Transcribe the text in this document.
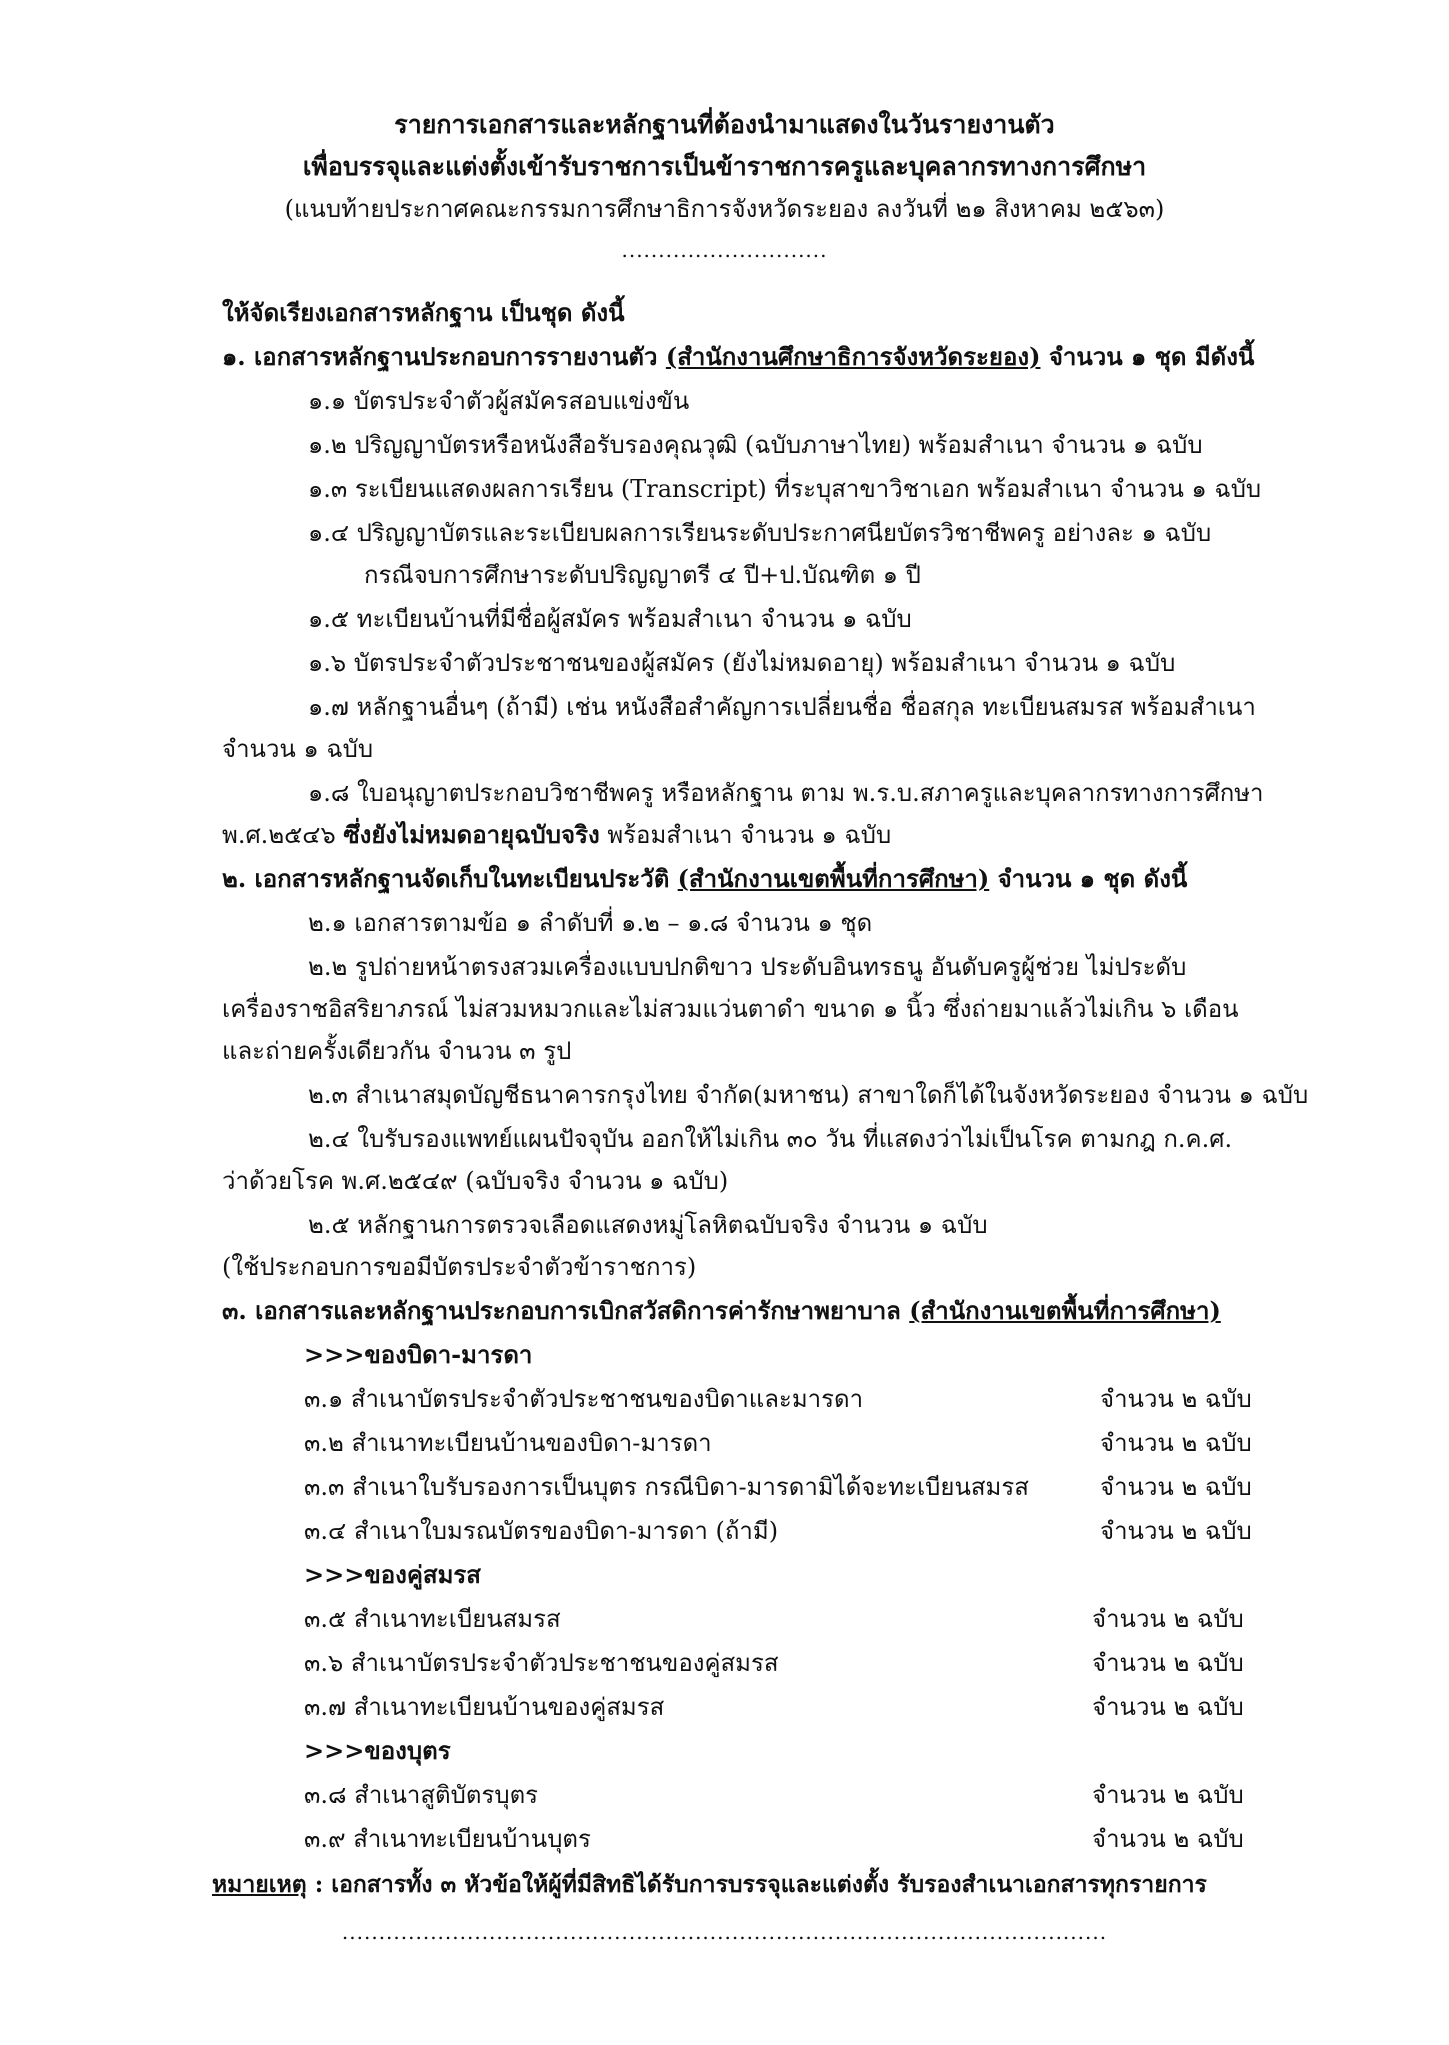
รายการเอกสารและหลักฐานที่ต้องนำมาแสดงในวันรายงานตัว
เพื่อบรรจุและแต่งตั้งเข้ารับราชการเป็นข้าราชการครูและบุคลากรทางการศึกษา
(แนบท้ายประกาศคณะกรรมการศึกษาธิการจังหวัดระยอง ลงวันที่ ๒๑ สิงหาคม ๒๕๖๓)
............................
ให้จัดเรียงเอกสารหลักฐาน เป็นชุด ดังนี้
๑. เอกสารหลักฐานประกอบการรายงานตัว (สำนักงานศึกษาธิการจังหวัดระยอง) จำนวน ๑ ชุด มีดังนี้
๑.๑ บัตรประจำตัวผู้สมัครสอบแข่งขัน
๑.๒ ปริญญาบัตรหรือหนังสือรับรองคุณวุฒิ (ฉบับภาษาไทย) พร้อมสำเนา จำนวน ๑ ฉบับ
๑.๓ ระเบียนแสดงผลการเรียน (Transcript) ที่ระบุสาขาวิชาเอก พร้อมสำเนา จำนวน ๑ ฉบับ
๑.๔ ปริญญาบัตรและระเบียบผลการเรียนระดับประกาศนียบัตรวิชาชีพครู อย่างละ ๑ ฉบับ
กรณีจบการศึกษาระดับปริญญาตรี ๔ ปี+ป.บัณฑิต ๑ ปี
๑.๕ ทะเบียนบ้านที่มีชื่อผู้สมัคร พร้อมสำเนา จำนวน ๑ ฉบับ
๑.๖ บัตรประจำตัวประชาชนของผู้สมัคร (ยังไม่หมดอายุ) พร้อมสำเนา จำนวน ๑ ฉบับ
๑.๗ หลักฐานอื่นๆ (ถ้ามี) เช่น หนังสือสำคัญการเปลี่ยนชื่อ ชื่อสกุล ทะเบียนสมรส พร้อมสำเนา
จำนวน ๑ ฉบับ
๑.๘ ใบอนุญาตประกอบวิชาชีพครู หรือหลักฐาน ตาม พ.ร.บ.สภาครูและบุคลากรทางการศึกษา
พ.ศ.๒๕๔๖ ซึ่งยังไม่หมดอายุฉบับจริง พร้อมสำเนา จำนวน ๑ ฉบับ
๒. เอกสารหลักฐานจัดเก็บในทะเบียนประวัติ (สำนักงานเขตพื้นที่การศึกษา) จำนวน ๑ ชุด ดังนี้
๒.๑ เอกสารตามข้อ ๑ ลำดับที่ ๑.๒ – ๑.๘ จำนวน ๑ ชุด
๒.๒ รูปถ่ายหน้าตรงสวมเครื่องแบบปกติขาว ประดับอินทรธนู อันดับครูผู้ช่วย ไม่ประดับ
เครื่องราชอิสริยาภรณ์ ไม่สวมหมวกและไม่สวมแว่นตาดำ ขนาด ๑ นิ้ว ซึ่งถ่ายมาแล้วไม่เกิน ๖ เดือน
และถ่ายครั้งเดียวกัน จำนวน ๓ รูป
๒.๓ สำเนาสมุดบัญชีธนาคารกรุงไทย จำกัด(มหาชน) สาขาใดก็ได้ในจังหวัดระยอง จำนวน ๑ ฉบับ
๒.๔ ใบรับรองแพทย์แผนปัจจุบัน ออกให้ไม่เกิน ๓๐ วัน ที่แสดงว่าไม่เป็นโรค ตามกฎ ก.ค.ศ.
ว่าด้วยโรค พ.ศ.๒๕๔๙ (ฉบับจริง จำนวน ๑ ฉบับ)
๒.๕ หลักฐานการตรวจเลือดแสดงหมู่โลหิตฉบับจริง จำนวน ๑ ฉบับ
(ใช้ประกอบการขอมีบัตรประจำตัวข้าราชการ)
๓. เอกสารและหลักฐานประกอบการเบิกสวัสดิการค่ารักษาพยาบาล (สำนักงานเขตพื้นที่การศึกษา)
>>>ของบิดา-มารดา
๓.๑ สำเนาบัตรประจำตัวประชาชนของบิดาและมารดา	จำนวน ๒ ฉบับ
๓.๒ สำเนาทะเบียนบ้านของบิดา-มารดา	จำนวน ๒ ฉบับ
๓.๓ สำเนาใบรับรองการเป็นบุตร กรณีบิดา-มารดามิได้จะทะเบียนสมรส	จำนวน ๒ ฉบับ
๓.๔ สำเนาใบมรณบัตรของบิดา-มารดา (ถ้ามี)	จำนวน ๒ ฉบับ
>>>ของคู่สมรส
๓.๕ สำเนาทะเบียนสมรส	จำนวน ๒ ฉบับ
๓.๖ สำเนาบัตรประจำตัวประชาชนของคู่สมรส	จำนวน ๒ ฉบับ
๓.๗ สำเนาทะเบียนบ้านของคู่สมรส	จำนวน ๒ ฉบับ
>>>ของบุตร
๓.๘ สำเนาสูติบัตรบุตร	จำนวน ๒ ฉบับ
๓.๙ สำเนาทะเบียนบ้านบุตร	จำนวน ๒ ฉบับ
หมายเหตุ : เอกสารทั้ง ๓ หัวข้อให้ผู้ที่มีสิทธิได้รับการบรรจุและแต่งตั้ง รับรองสำเนาเอกสารทุกรายการ
........................................................................................................
